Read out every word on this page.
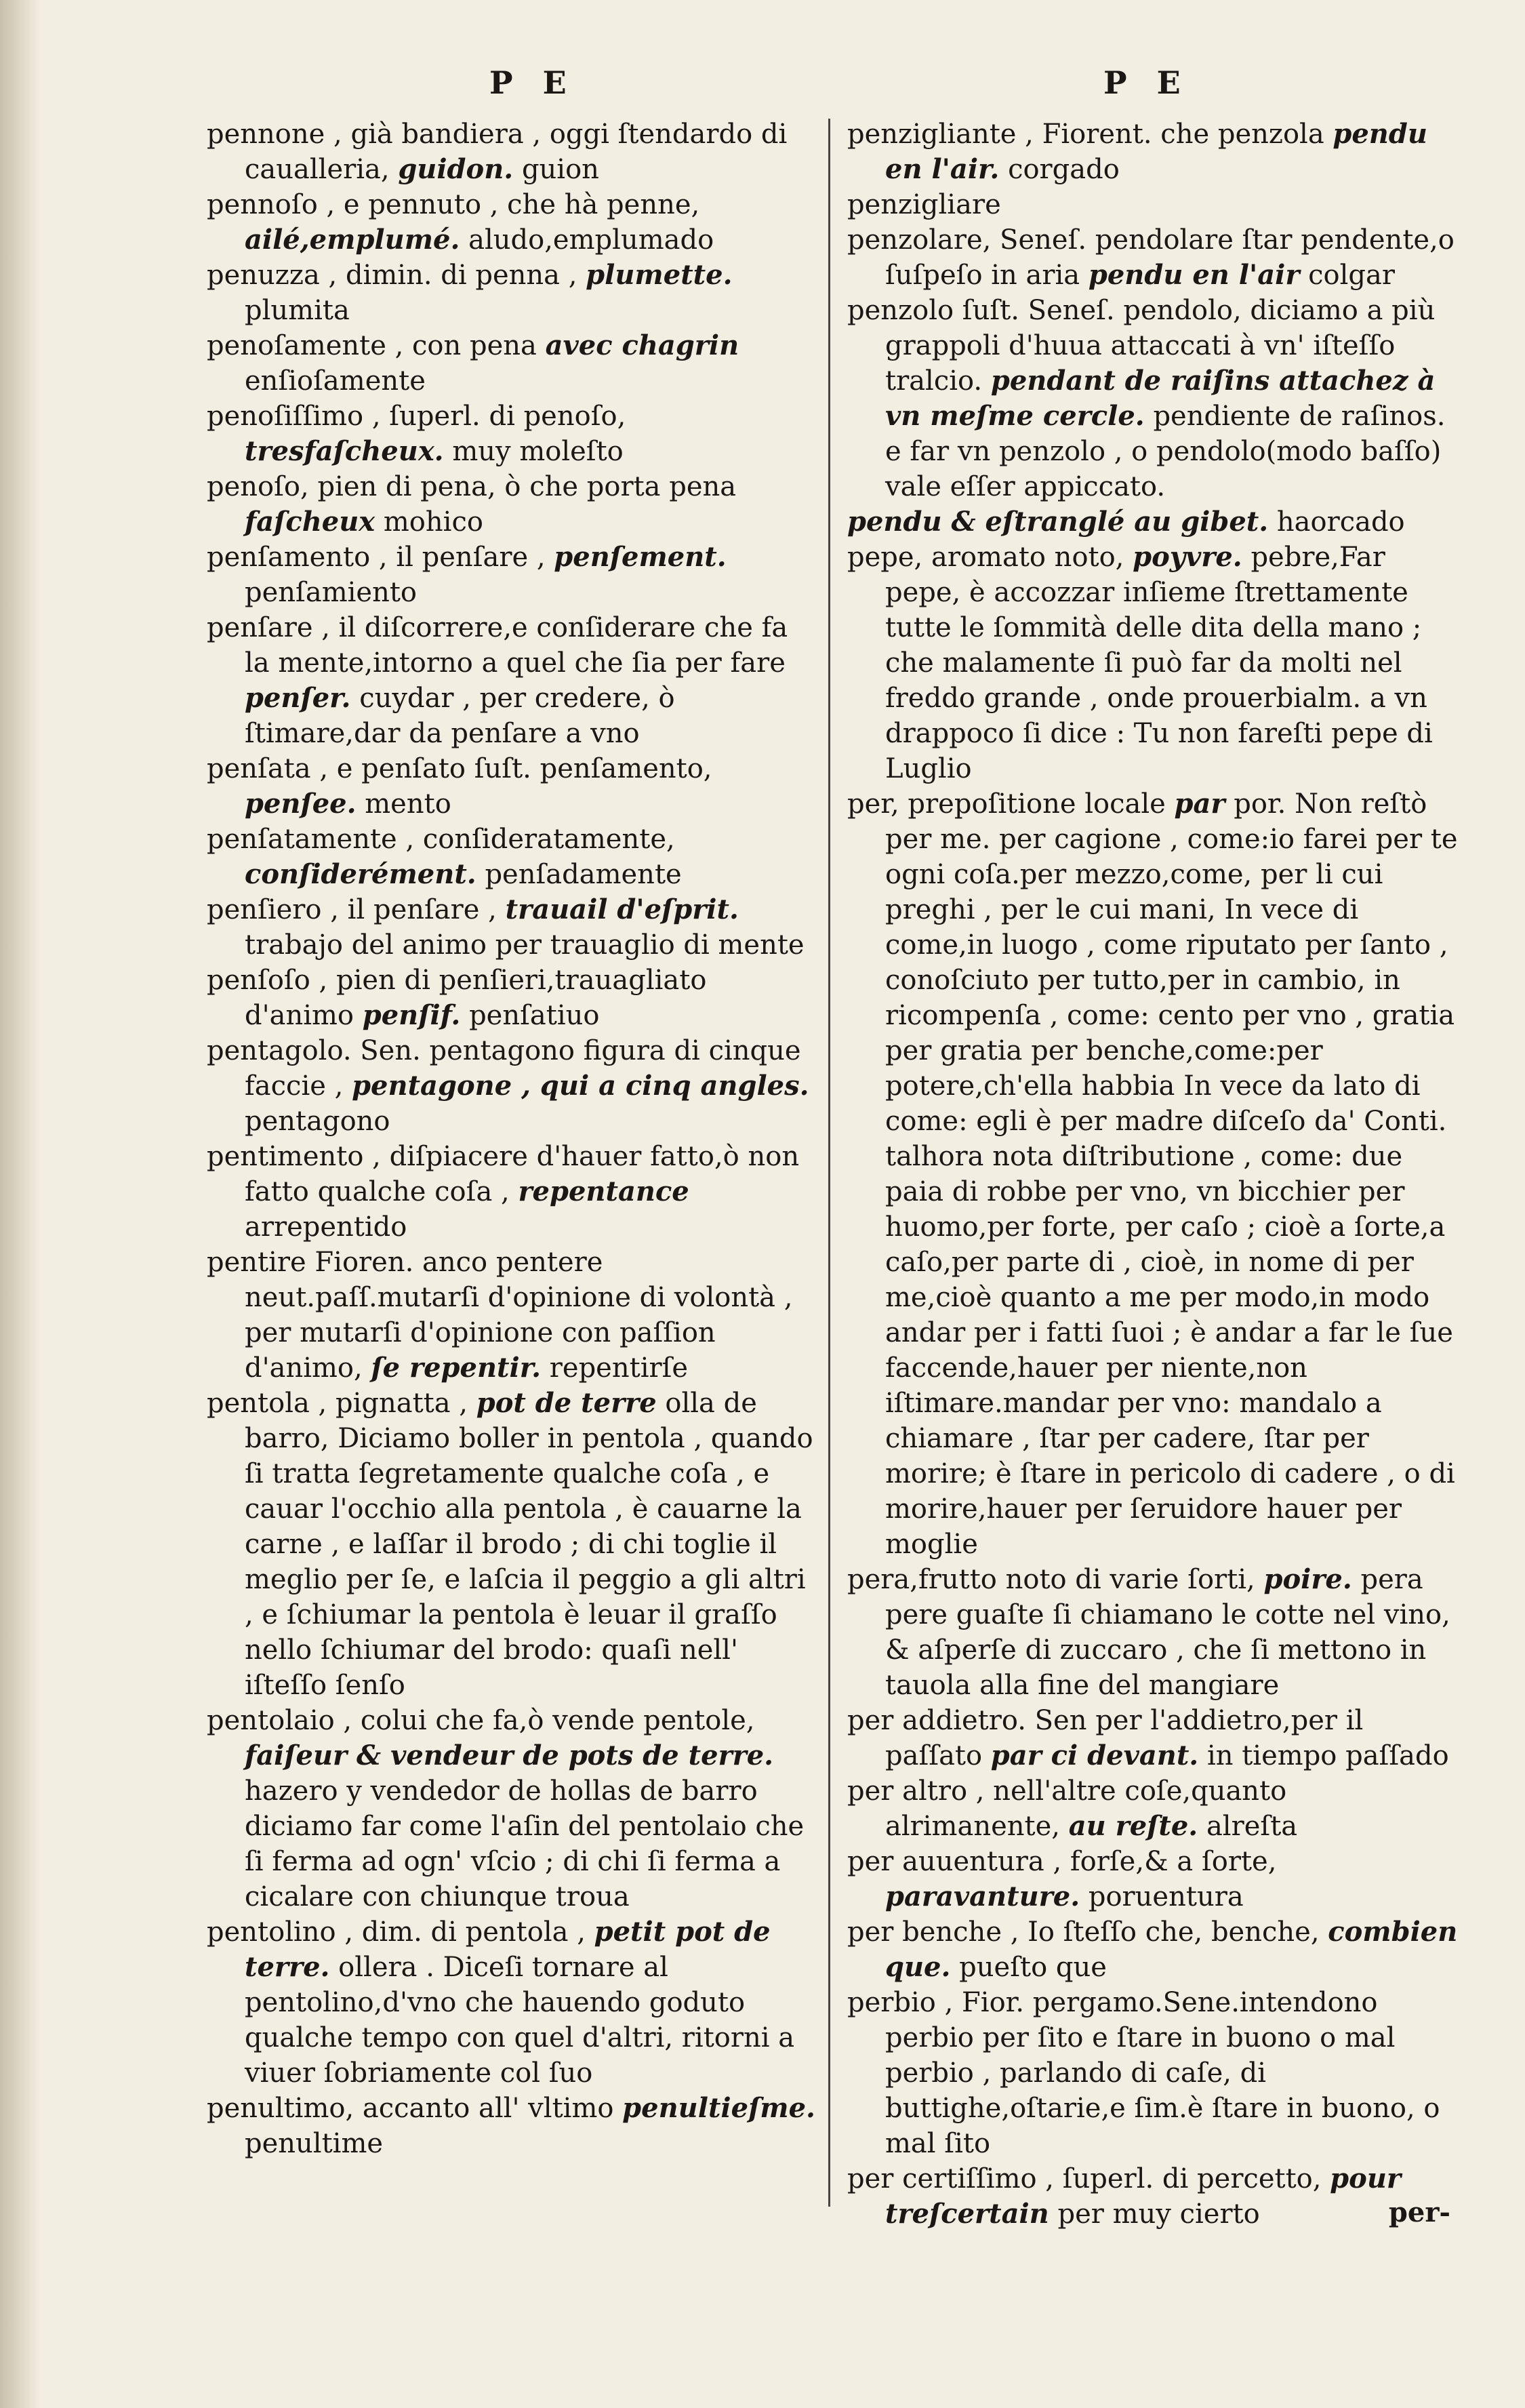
P E	P E
pennone , già bandiera , oggi ſtendardo di caualleria, guidon. guion
pennoſo , e pennuto , che hà penne, ailé,emplumé. aludo,emplumado
penuzza , dimin. di penna , plumette. plumita
penoſamente , con pena avec chagrin enſioſamente
penoſiſſimo , ſuperl. di penoſo, tresfaſcheux. muy moleſto
penoſo, pien di pena, ò che porta pena faſcheux mohico
penſamento , il penſare , penſement. penſamiento
penſare , il diſcorrere,e conſiderare che fa la mente,intorno a quel che ſia per fare penſer. cuydar , per credere, ò ſtimare,dar da penſare a vno
penſata , e penſato ſuſt. penſamento, penſee. mento
penſatamente , conſideratamente, conſiderément. penſadamente
penſiero , il penſare , trauail d'eſprit. trabajo del animo per trauaglio di mente
penſoſo , pien di penſieri,trauagliato d'animo penſif. penſatiuo
pentagolo. Sen. pentagono figura di cinque faccie , pentagone , qui a cinq angles. pentagono
pentimento , diſpiacere d'hauer fatto,ò non fatto qualche coſa , repentance arrepentido
pentire Fioren. anco pentere neut.paſſ.mutarſi d'opinione di volontà , per mutarſi d'opinione con paſſion d'animo, ſe repentir. repentirſe
pentola , pignatta , pot de terre olla de barro, Diciamo boller in pentola , quando ſi tratta ſegretamente qualche coſa , e cauar l'occhio alla pentola , è cauarne la carne , e laſſar il brodo ; di chi toglie il meglio per ſe, e laſcia il peggio a gli altri , e ſchiumar la pentola è leuar il graſſo nello ſchiumar del brodo: quaſi nell' iſteſſo ſenſo
pentolaio , colui che fa,ò vende pentole, faiſeur & vendeur de pots de terre. hazero y vendedor de hollas de barro diciamo far come l'aſin del pentolaio che ſi ferma ad ogn' vſcio ; di chi ſi ferma a cicalare con chiunque troua
pentolino , dim. di pentola , petit pot de terre. ollera . Diceſi tornare al pentolino,d'vno che hauendo goduto qualche tempo con quel d'altri, ritorni a viuer ſobriamente col ſuo
penultimo, accanto all' vltimo penultieſme. penultime
penzigliante , Fiorent. che penzola pendu en l'air. corgado
penzigliare
penzolare, Seneſ. pendolare ſtar pendente,o ſuſpeſo in aria pendu en l'air colgar
penzolo ſuſt. Seneſ. pendolo, diciamo a più grappoli d'huua attaccati à vn' iſteſſo tralcio. pendant de raiſins attachez à vn meſme cercle. pendiente de raſinos. e far vn penzolo , o pendolo(modo baſſo) vale eſſer appiccato.
pendu & eſtranglé au gibet. haorcado
pepe, aromato noto, poyvre. pebre,Far pepe, è accozzar inſieme ſtrettamente tutte le ſommità delle dita della mano ; che malamente ſi può far da molti nel freddo grande , onde prouerbialm. a vn drappoco ſi dice : Tu non fareſti pepe di Luglio
per, prepoſitione locale par por. Non reſtò per me. per cagione , come:io farei per te ogni coſa.per mezzo,come, per li cui preghi , per le cui mani, In vece di come,in luogo , come riputato per ſanto , conoſciuto per tutto,per in cambio, in ricompenſa , come: cento per vno , gratia per gratia per benche,come:per potere,ch'ella habbia In vece da lato di come: egli è per madre diſceſo da' Conti. talhora nota diſtributione , come: due paia di robbe per vno, vn bicchier per huomo,per forte, per caſo ; cioè a ſorte,a caſo,per parte di , cioè, in nome di per me,cioè quanto a me per modo,in modo andar per i fatti ſuoi ; è andar a far le ſue faccende,hauer per niente,non iſtimare.mandar per vno: mandalo a chiamare , ſtar per cadere, ſtar per morire; è ſtare in pericolo di cadere , o di morire,hauer per ſeruidore hauer per moglie
pera,frutto noto di varie ſorti, poire. pera pere guaſte ſi chiamano le cotte nel vino, & aſperſe di zuccaro , che ſi mettono in tauola alla fine del mangiare
per addietro. Sen per l'addietro,per il paſſato par ci devant. in tiempo paſſado
per altro , nell'altre coſe,quanto alrimanente, au reſte. alreſta
per auuentura , forſe,& a ſorte, paravanture. poruentura
per benche , Io ſteſſo che, benche, combien que. pueſto que
perbio , Fior. pergamo.Sene.intendono perbio per ſito e ſtare in buono o mal perbio , parlando di caſe, di buttighe,oſtarie,e ſim.è ſtare in buono, o mal ſito
per certiſſimo , ſuperl. di percetto, pour treſcertain per muy cierto	per-
